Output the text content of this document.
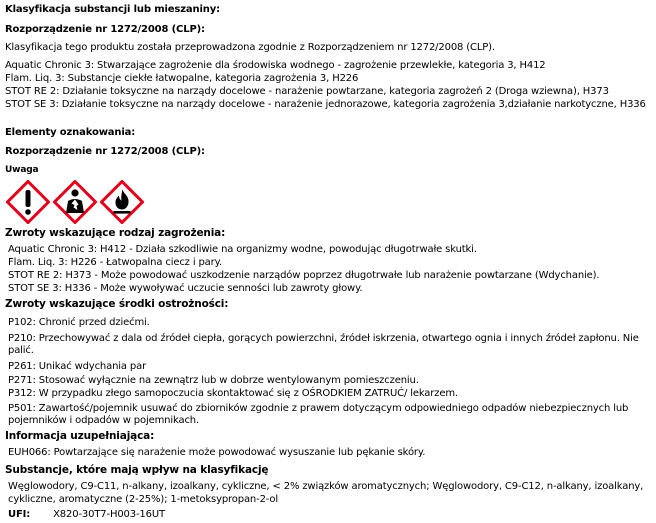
Klasyfikacja substancji lub mieszaniny:
Rozporządzenie nr 1272/2008 (CLP):
Klasyfikacja tego produktu została przeprowadzona zgodnie z Rozporządzeniem nr 1272/2008 (CLP).
Aquatic Chronic 3: Stwarzające zagrożenie dla środowiska wodnego - zagrożenie przewlekłe, kategoria 3, H412
Flam. Liq. 3: Substancje ciekłe łatwopalne, kategoria zagrożenia 3, H226
STOT RE 2: Działanie toksyczne na narządy docelowe - narażenie powtarzane, kategoria zagrożeń 2 (Droga wziewna), H373
STOT SE 3: Działanie toksyczne na narządy docelowe - narażenie jednorazowe, kategoria zagrożenia 3,działanie narkotyczne, H336
Elementy oznakowania:
Rozporządzenie nr 1272/2008 (CLP):
Uwaga
Zwroty wskazujące rodzaj zagrożenia:
Aquatic Chronic 3: H412 - Działa szkodliwie na organizmy wodne, powodując długotrwałe skutki.
Flam. Liq. 3: H226 - Łatwopalna ciecz i pary.
STOT RE 2: H373 - Może powodować uszkodzenie narządów poprzez długotrwałe lub narażenie powtarzane (Wdychanie).
STOT SE 3: H336 - Może wywoływać uczucie senności lub zawroty głowy.
Zwroty wskazujące środki ostrożności:
P102: Chronić przed dziećmi.
P210: Przechowywać z dala od źródeł ciepła, gorących powierzchni, źródeł iskrzenia, otwartego ognia i innych źródeł zapłonu. Nie
palić.
P261: Unikać wdychania par
P271: Stosować wyłącznie na zewnątrz lub w dobrze wentylowanym pomieszczeniu.
P312: W przypadku złego samopoczucia skontaktować się z OŚRODKIEM ZATRUĆ/ lekarzem.
P501: Zawartość/pojemnik usuwać do zbiorników zgodnie z prawem dotyczącym odpowiedniego odpadów niebezpiecznych lub
pojemników i odpadów w pojemnikach.
Informacja uzupełniająca:
EUH066: Powtarzające się narażenie może powodować wysuszanie lub pękanie skóry.
Substancje, które mają wpływ na klasyfikację
Węglowodory, C9-C11, n-alkany, izoalkany, cykliczne, < 2% związków aromatycznych; Węglowodory, C9-C12, n-alkany, izoalkany,
cykliczne, aromatyczne (2-25%); 1-metoksypropan-2-ol
UFI: X820-30T7-H003-16UT
